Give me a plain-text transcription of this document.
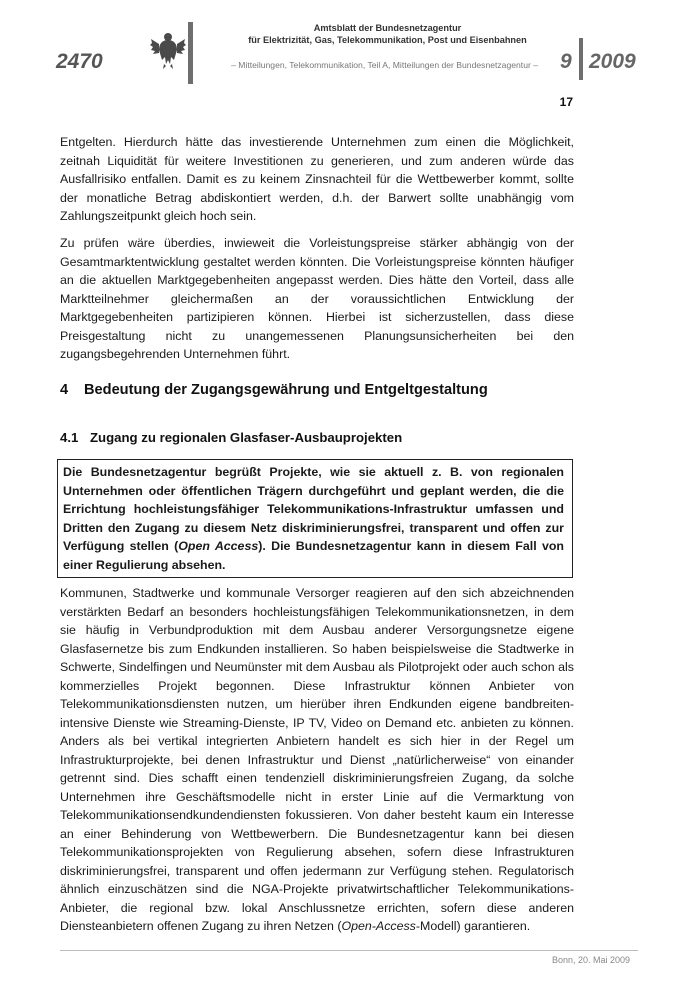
2470
Amtsblatt der Bundesnetzagentur
für Elektrizität, Gas, Telekommunikation, Post und Eisenbahnen
– Mitteilungen, Telekommunikation, Teil A, Mitteilungen der Bundesnetzagentur – 9 2009
17

Entgelten. Hierdurch hätte das investierende Unternehmen zum einen die Möglichkeit, zeitnah Liquidität für weitere Investitionen zu generieren, und zum anderen würde das Ausfallrisiko entfallen. Damit es zu keinem Zinsnachteil für die Wettbewerber kommt, sollte der monatliche Betrag abdiskontiert werden, d.h. der Barwert sollte unabhängig vom Zahlungszeitpunkt gleich hoch sein.

Zu prüfen wäre überdies, inwieweit die Vorleistungspreise stärker abhängig von der Gesamtmarktentwicklung gestaltet werden könnten. Die Vorleistungspreise könnten häufiger an die aktuellen Marktgegebenheiten angepasst werden. Dies hätte den Vorteil, dass alle Marktteilnehmer gleichermaßen an der voraussichtlichen Entwicklung der Marktgegebenheiten partizipieren können. Hierbei ist sicherzustellen, dass diese Preisgestaltung nicht zu unangemessenen Planungsunsicherheiten bei den zugangsbegehrenden Unternehmen führt.

4 Bedeutung der Zugangsgewährung und Entgeltgestaltung
4.1 Zugang zu regionalen Glasfaser-Ausbauprojekten

Die Bundesnetzagentur begrüßt Projekte, wie sie aktuell z. B. von regionalen Unternehmen oder öffentlichen Trägern durchgeführt und geplant werden, die die Errichtung hochleistungsfähiger Telekommunikations-Infrastruktur umfassen und Dritten den Zugang zu diesem Netz diskriminierungsfrei, transparent und offen zur Verfügung stellen (Open Access). Die Bundesnetzagentur kann in diesem Fall von einer Regulierung absehen.

Kommunen, Stadtwerke und kommunale Versorger reagieren auf den sich abzeichnenden verstärkten Bedarf an besonders hochleistungsfähigen Telekommunikationsnetzen, in dem sie häufig in Verbundproduktion mit dem Ausbau anderer Versorgungsnetze eigene Glasfasernetze bis zum Endkunden installieren. So haben beispielsweise die Stadtwerke in Schwerte, Sindelfingen und Neumünster mit dem Ausbau als Pilotprojekt oder auch schon als kommerzielles Projekt begonnen. Diese Infrastruktur können Anbieter von Telekommunikationsdiensten nutzen, um hierüber ihren Endkunden eigene bandbreiten-intensive Dienste wie Streaming-Dienste, IP TV, Video on Demand etc. anbieten zu können. Anders als bei vertikal integrierten Anbietern handelt es sich hier in der Regel um Infrastrukturprojekte, bei denen Infrastruktur und Dienst „natürlicherweise“ von einander getrennt sind. Dies schafft einen tendenziell diskriminierungsfreien Zugang, da solche Unternehmen ihre Geschäftsmodelle nicht in erster Linie auf die Vermarktung von Telekommunikationsendkundendiensten fokussieren. Von daher besteht kaum ein Interesse an einer Behinderung von Wettbewerbern. Die Bundesnetzagentur kann bei diesen Telekommunikationsprojekten von Regulierung absehen, sofern diese Infrastrukturen diskriminierungsfrei, transparent und offen jedermann zur Verfügung stehen. Regulatorisch ähnlich einzuschätzen sind die NGA-Projekte privatwirtschaftlicher Telekommunikations-Anbieter, die regional bzw. lokal Anschlussnetze errichten, sofern diese anderen Diensteanbietern offenen Zugang zu ihren Netzen (Open-Access-Modell) garantieren.

Bonn, 20. Mai 2009
